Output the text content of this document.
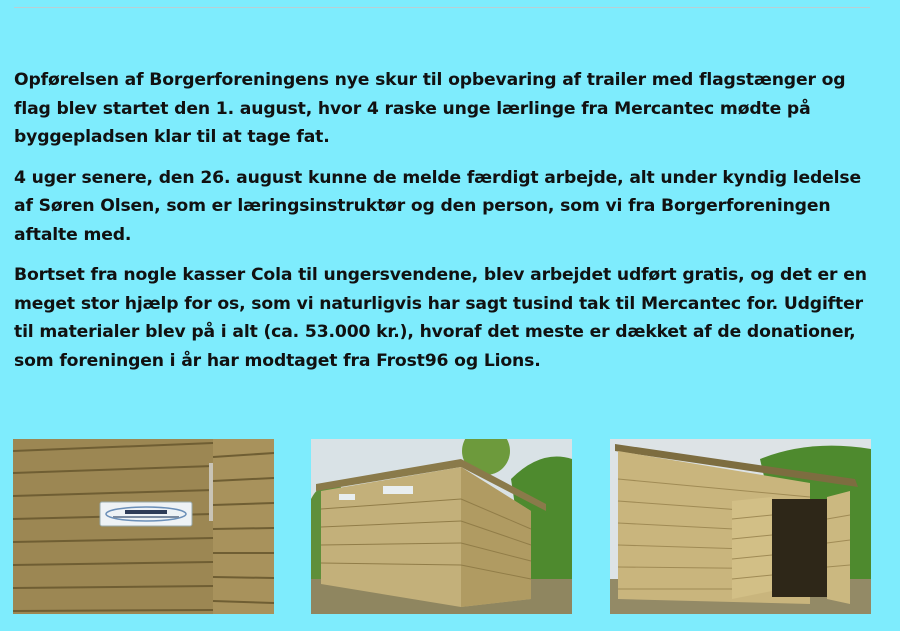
Opførelsen af Borgerforeningens nye skur til opbevaring af trailer med flagstænger og flag blev startet den 1. august, hvor 4 raske unge lærlinge fra Mercantec mødte på byggepladsen klar til at tage fat.

4 uger senere, den 26. august kunne de melde færdigt arbejde, alt under kyndig ledelse af Søren Olsen, som er læringsinstruktør og den person, som vi fra Borgerforeningen aftalte med.

Bortset fra nogle kasser Cola til ungersvendene, blev arbejdet udført gratis, og det er en meget stor hjælp for os, som vi naturligvis har sagt tusind tak til Mercantec for. Udgifter til materialer blev på i alt (ca. 53.000 kr.), hvoraf det meste er dækket af de donationer, som foreningen i år har modtaget fra Frost96 og Lions.
